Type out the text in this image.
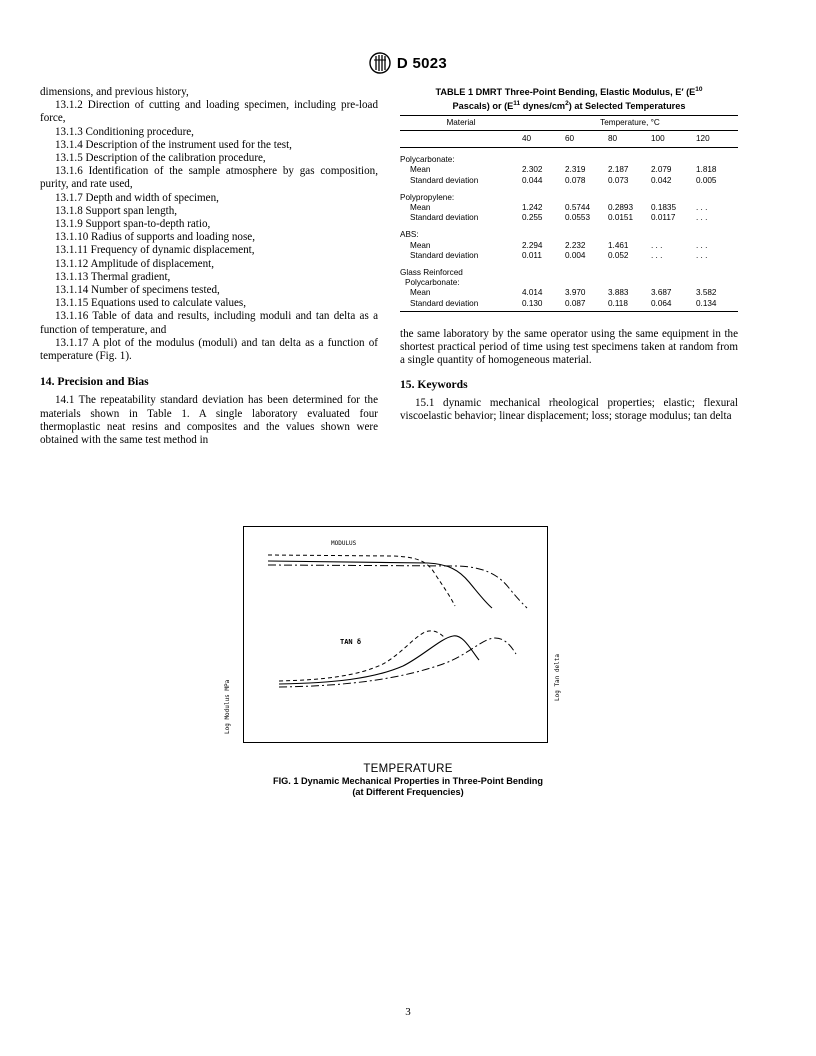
D 5023

dimensions, and previous history,

13.1.2 Direction of cutting and loading specimen, including pre-load force,

13.1.3 Conditioning procedure,

13.1.4 Description of the instrument used for the test,

13.1.5 Description of the calibration procedure,

13.1.6 Identification of the sample atmosphere by gas composition, purity, and rate used,

13.1.7 Depth and width of specimen,

13.1.8 Support span length,

13.1.9 Support span-to-depth ratio,

13.1.10 Radius of supports and loading nose,

13.1.11 Frequency of dynamic displacement,

13.1.12 Amplitude of displacement,

13.1.13 Thermal gradient,

13.1.14 Number of specimens tested,

13.1.15 Equations used to calculate values,

13.1.16 Table of data and results, including moduli and tan delta as a function of temperature, and

13.1.17 A plot of the modulus (moduli) and tan delta as a function of temperature (Fig. 1).

14. Precision and Bias

14.1 The repeatability standard deviation has been determined for the materials shown in Table 1. A single laboratory evaluated four thermoplastic neat resins and composites and the values shown were obtained with the same test method in

TABLE 1 DMRT Three-Point Bending, Elastic Modulus, E′ ($E^{10}$
Pascals) or ($E^{11}$ dynes/$cm^2$) at Selected Temperatures
Material	Temperature, °C				
	40	60	80	100	120
Polycarbonate:					
Mean	2.302	2.319	2.187	2.079	1.818
Standard deviation	0.044	0.078	0.073	0.042	0.005
Polypropylene:					
Mean	1.242	0.5744	0.2893	0.1835	. . .
Standard deviation	0.255	0.0553	0.0151	0.0117	. . .
ABS:					
Mean	2.294	2.232	1.461	. . .	. . .
Standard deviation	0.011	0.004	0.052	. . .	. . .
Glass Reinforced					
Polycarbonate:					
Mean	4.014	3.970	3.883	3.687	3.582
Standard deviation	0.130	0.087	0.118	0.064	0.134

the same laboratory by the same operator using the same equipment in the shortest practical period of time using test specimens taken at random from a single quantity of homogeneous material.

15. Keywords

15.1 dynamic mechanical rheological properties; elastic; flexural viscoelastic behavior; linear displacement; loss; storage modulus; tan delta

MODULUS
TAN δ
Log Modulus MPa
Log Tan delta
TEMPERATURE
FIG. 1 Dynamic Mechanical Properties in Three-Point Bending
(at Different Frequencies)
3
